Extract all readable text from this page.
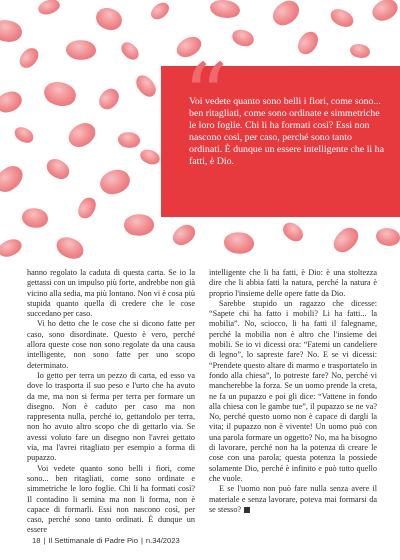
“

Voi vedete quanto sono belli i fiori, come sono... ben ritagliati, come sono ordinate e simmetriche le loro foglie. Chi li ha formati così? Essi non nascono così, per caso, perché sono tanto ordinati. È dunque un essere intelligente che li ha fatti, è Dio.

hanno regolato la caduta di questa carta. Se io la gettassi con un impulso più forte, andrebbe non già vicino alla sedia, ma più lontano. Non vi è cosa più stupida quanto quella di credere che le cose succedano per caso.

Vi ho detto che le cose che si dicono fatte per caso, sono disordinate. Questo è vero, perché allora queste cose non sono regolate da una causa intelligente, non sono fatte per uno scopo determinato.

Io getto per terra un pezzo di carta, ed esso va dove lo trasporta il suo peso e l'urto che ha avuto da me, ma non si ferma per terra per formare un disegno. Non è caduto per caso ma non rappresenta nulla, perché io, gettandolo per terra, non ho avuto altro scopo che di gettarlo via. Se avessi voluto fare un disegno non l'avrei gettato via, ma l'avrei ritagliato per esempio a forma di pupazzo.

Voi vedete quanto sono belli i fiori, come sono... ben ritagliati, come sono ordinate e simmetriche le loro foglie. Chi li ha formati così? Il contadino li semina ma non li forma, non è capace di formarli. Essi non nascono così, per caso, perché sono tanto ordinati. È dunque un essere

intelligente che li ha fatti, è Dio: è una stoltezza dire che li abbia fatti la natura, perché la natura è proprio l'insieme delle opere fatte da Dio.

Sarebbe stupido un ragazzo che dicesse: “Sapete chi ha fatto i mobili? Li ha fatti... la mobilia”. No, sciocco, li ha fatti il falegname, perché la mobilia non è altro che l'insieme dei mobili. Se io vi dicessi ora: “Fatemi un candeliere di legno”, lo sapreste fare? No. E se vi dicessi: “Prendete questo altare di marmo e trasportatelo in fondo alla chiesa”, lo potreste fare? No, perché vi mancherebbe la forza. Se un uomo prende la creta, ne fa un pupazzo e poi gli dice: “Vattene in fondo alla chiesa con le gambe tue”, il pupazzo se ne va? No, perché questo uomo non è capace di dargli la vita; il pupazzo non è vivente! Un uomo può con una parola formare un oggetto? No, ma ha bisogno di lavorare, perché non ha la potenza di creare le cose con una parola; questa potenza la possiede solamente Dio, perché è infinito e può tutto quello che vuole.

E se l'uomo non può fare nulla senza avere il materiale e senza lavorare, poteva mai formarsi da se stesso?

18 | Il Settimanale di Padre Pio | n.34/2023
